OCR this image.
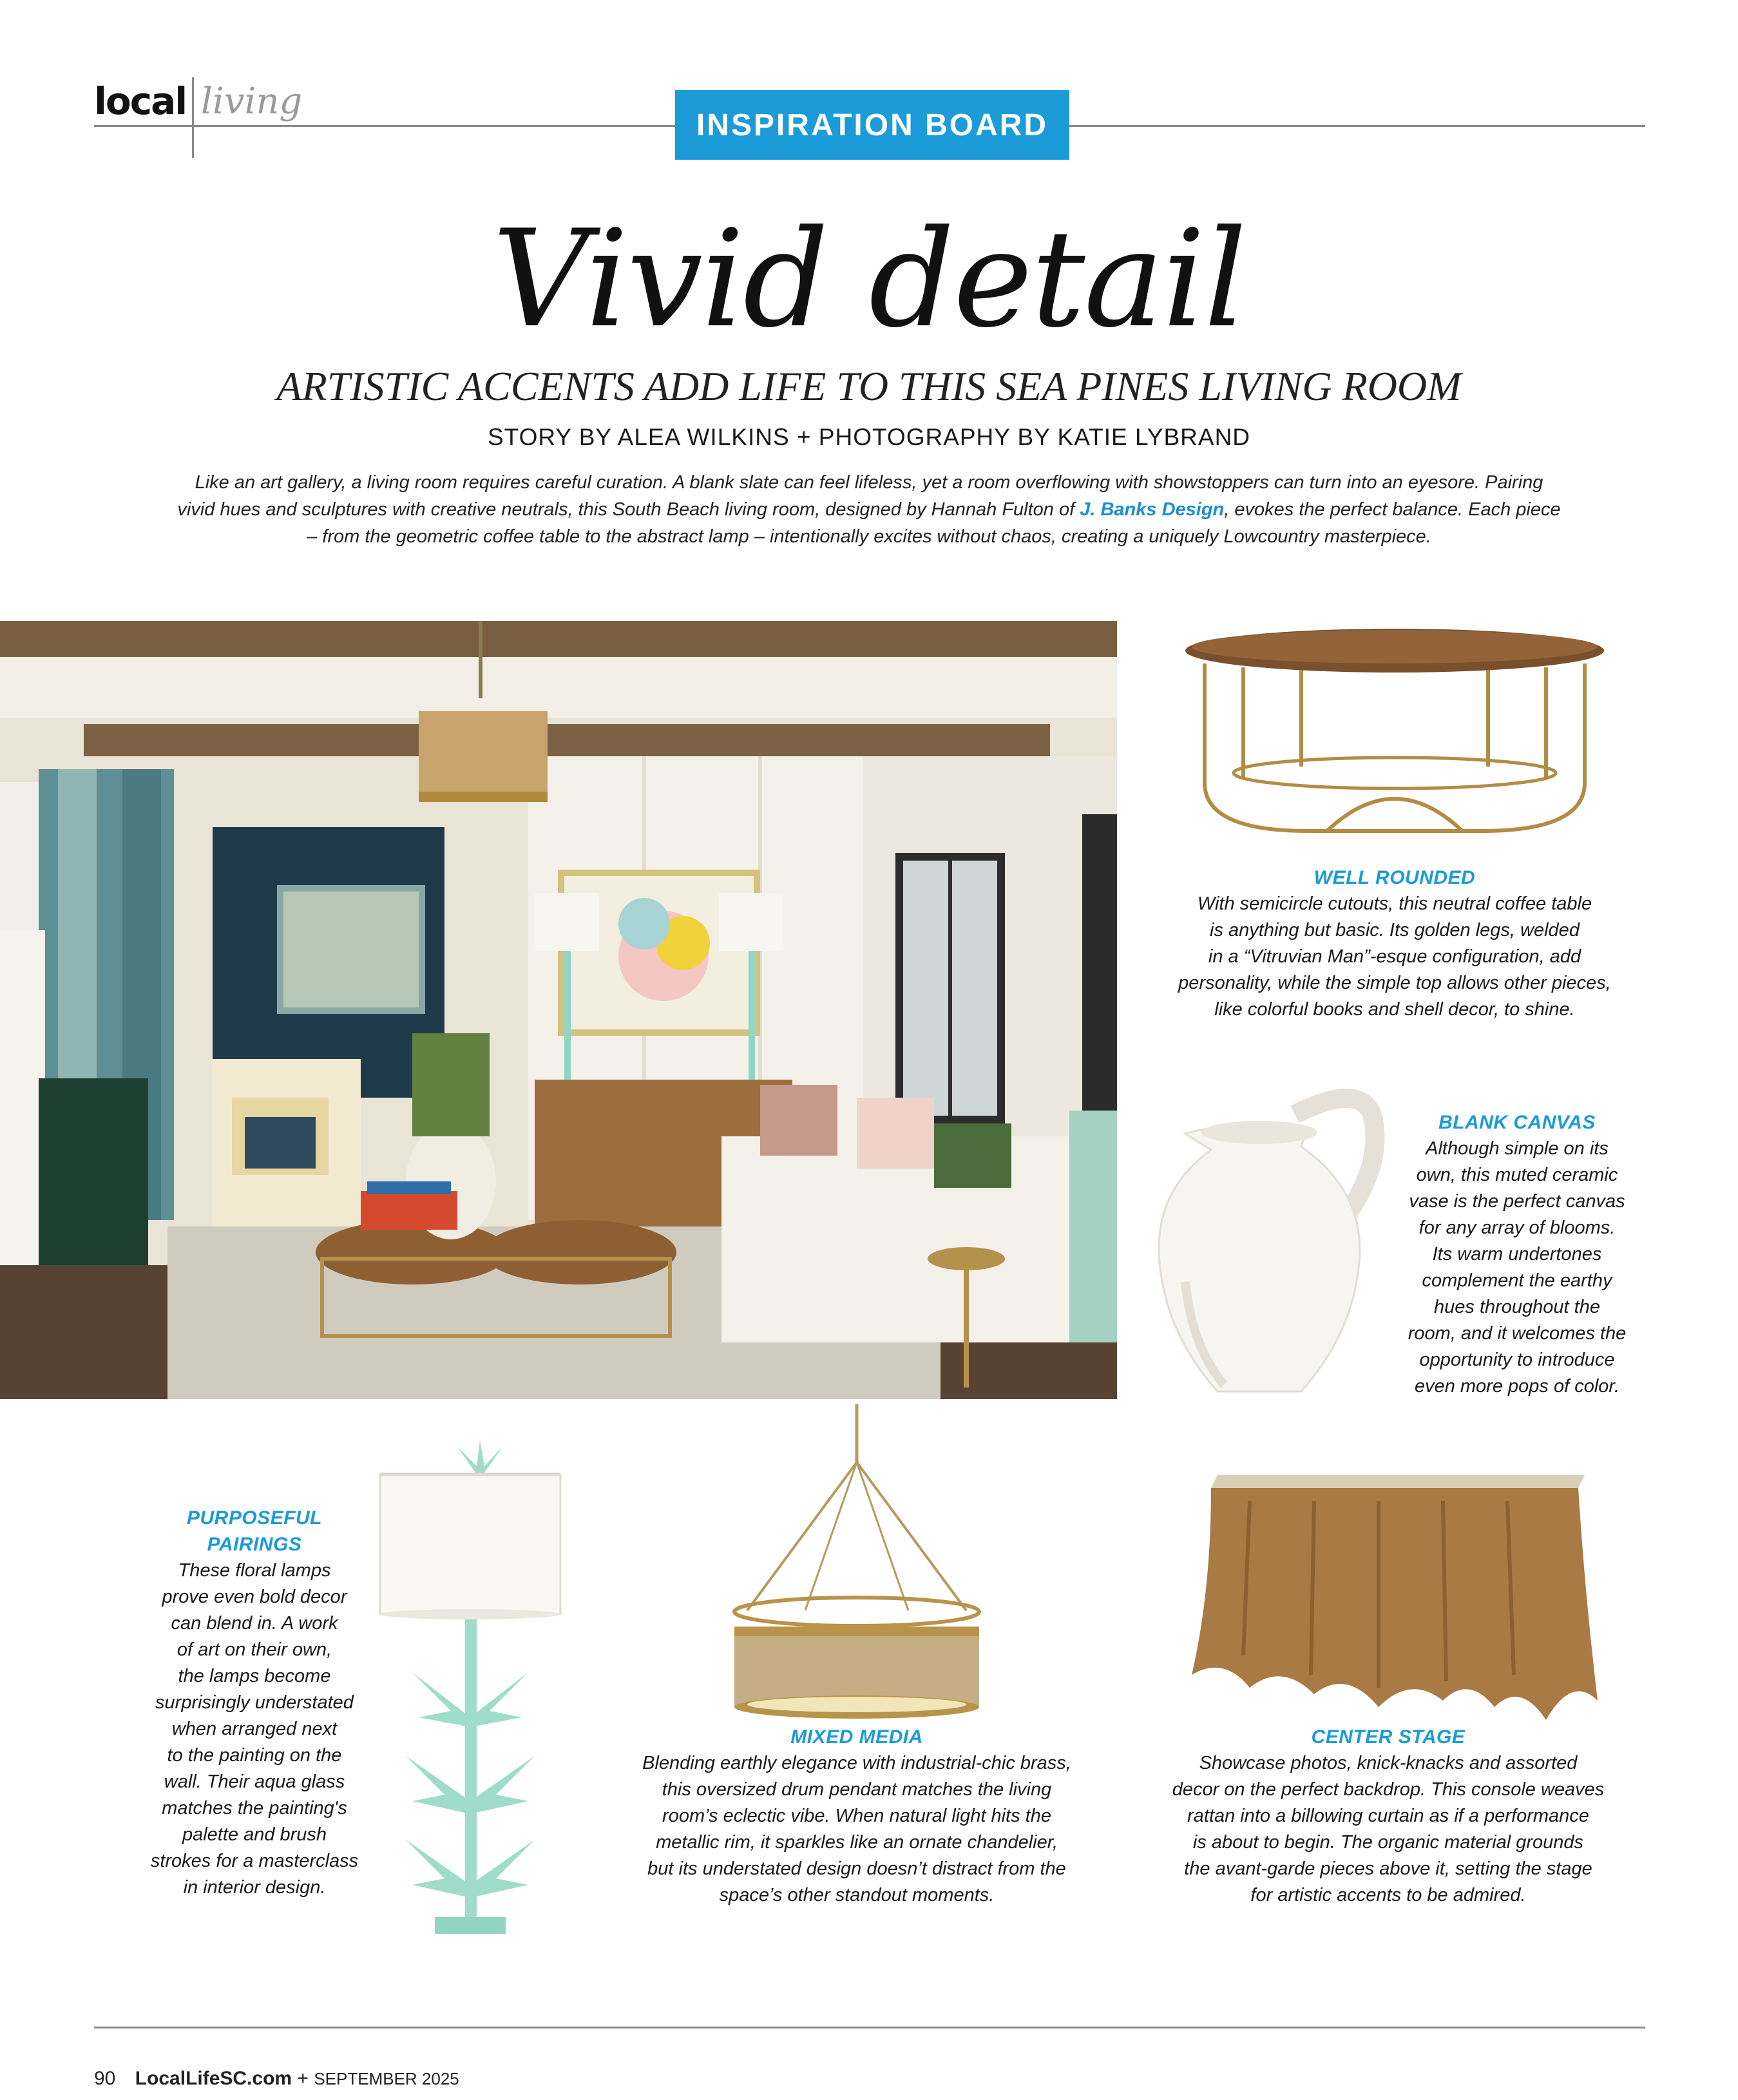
local living
INSPIRATION BOARD
Vivid detail
ARTISTIC ACCENTS ADD LIFE TO THIS SEA PINES LIVING ROOM
STORY BY ALEA WILKINS + PHOTOGRAPHY BY KATIE LYBRAND
Like an art gallery, a living room requires careful curation. A blank slate can feel lifeless, yet a room overflowing with showstoppers can turn into an eyesore. Pairing vivid hues and sculptures with creative neutrals, this South Beach living room, designed by Hannah Fulton of J. Banks Design, evokes the perfect balance. Each piece – from the geometric coffee table to the abstract lamp – intentionally excites without chaos, creating a uniquely Lowcountry masterpiece.
WELL ROUNDED
With semicircle cutouts, this neutral coffee table
is anything but basic. Its golden legs, welded
in a “Vitruvian Man”-esque configuration, add
personality, while the simple top allows other pieces,
like colorful books and shell decor, to shine.
BLANK CANVAS
Although simple on its
own, this muted ceramic
vase is the perfect canvas
for any array of blooms.
Its warm undertones
complement the earthy
hues throughout the
room, and it welcomes the
opportunity to introduce
even more pops of color.
PURPOSEFUL
PAIRINGS
These floral lamps
prove even bold decor
can blend in. A work
of art on their own,
the lamps become
surprisingly understated
when arranged next
to the painting on the
wall. Their aqua glass
matches the painting's
palette and brush
strokes for a masterclass
in interior design.
MIXED MEDIA
Blending earthly elegance with industrial-chic brass,
this oversized drum pendant matches the living
room’s eclectic vibe. When natural light hits the
metallic rim, it sparkles like an ornate chandelier,
but its understated design doesn’t distract from the
space’s other standout moments.
CENTER STAGE
Showcase photos, knick-knacks and assorted
decor on the perfect backdrop. This console weaves
rattan into a billowing curtain as if a performance
is about to begin. The organic material grounds
the avant-garde pieces above it, setting the stage
for artistic accents to be admired.
90 LocalLifeSC.com + SEPTEMBER 2025
